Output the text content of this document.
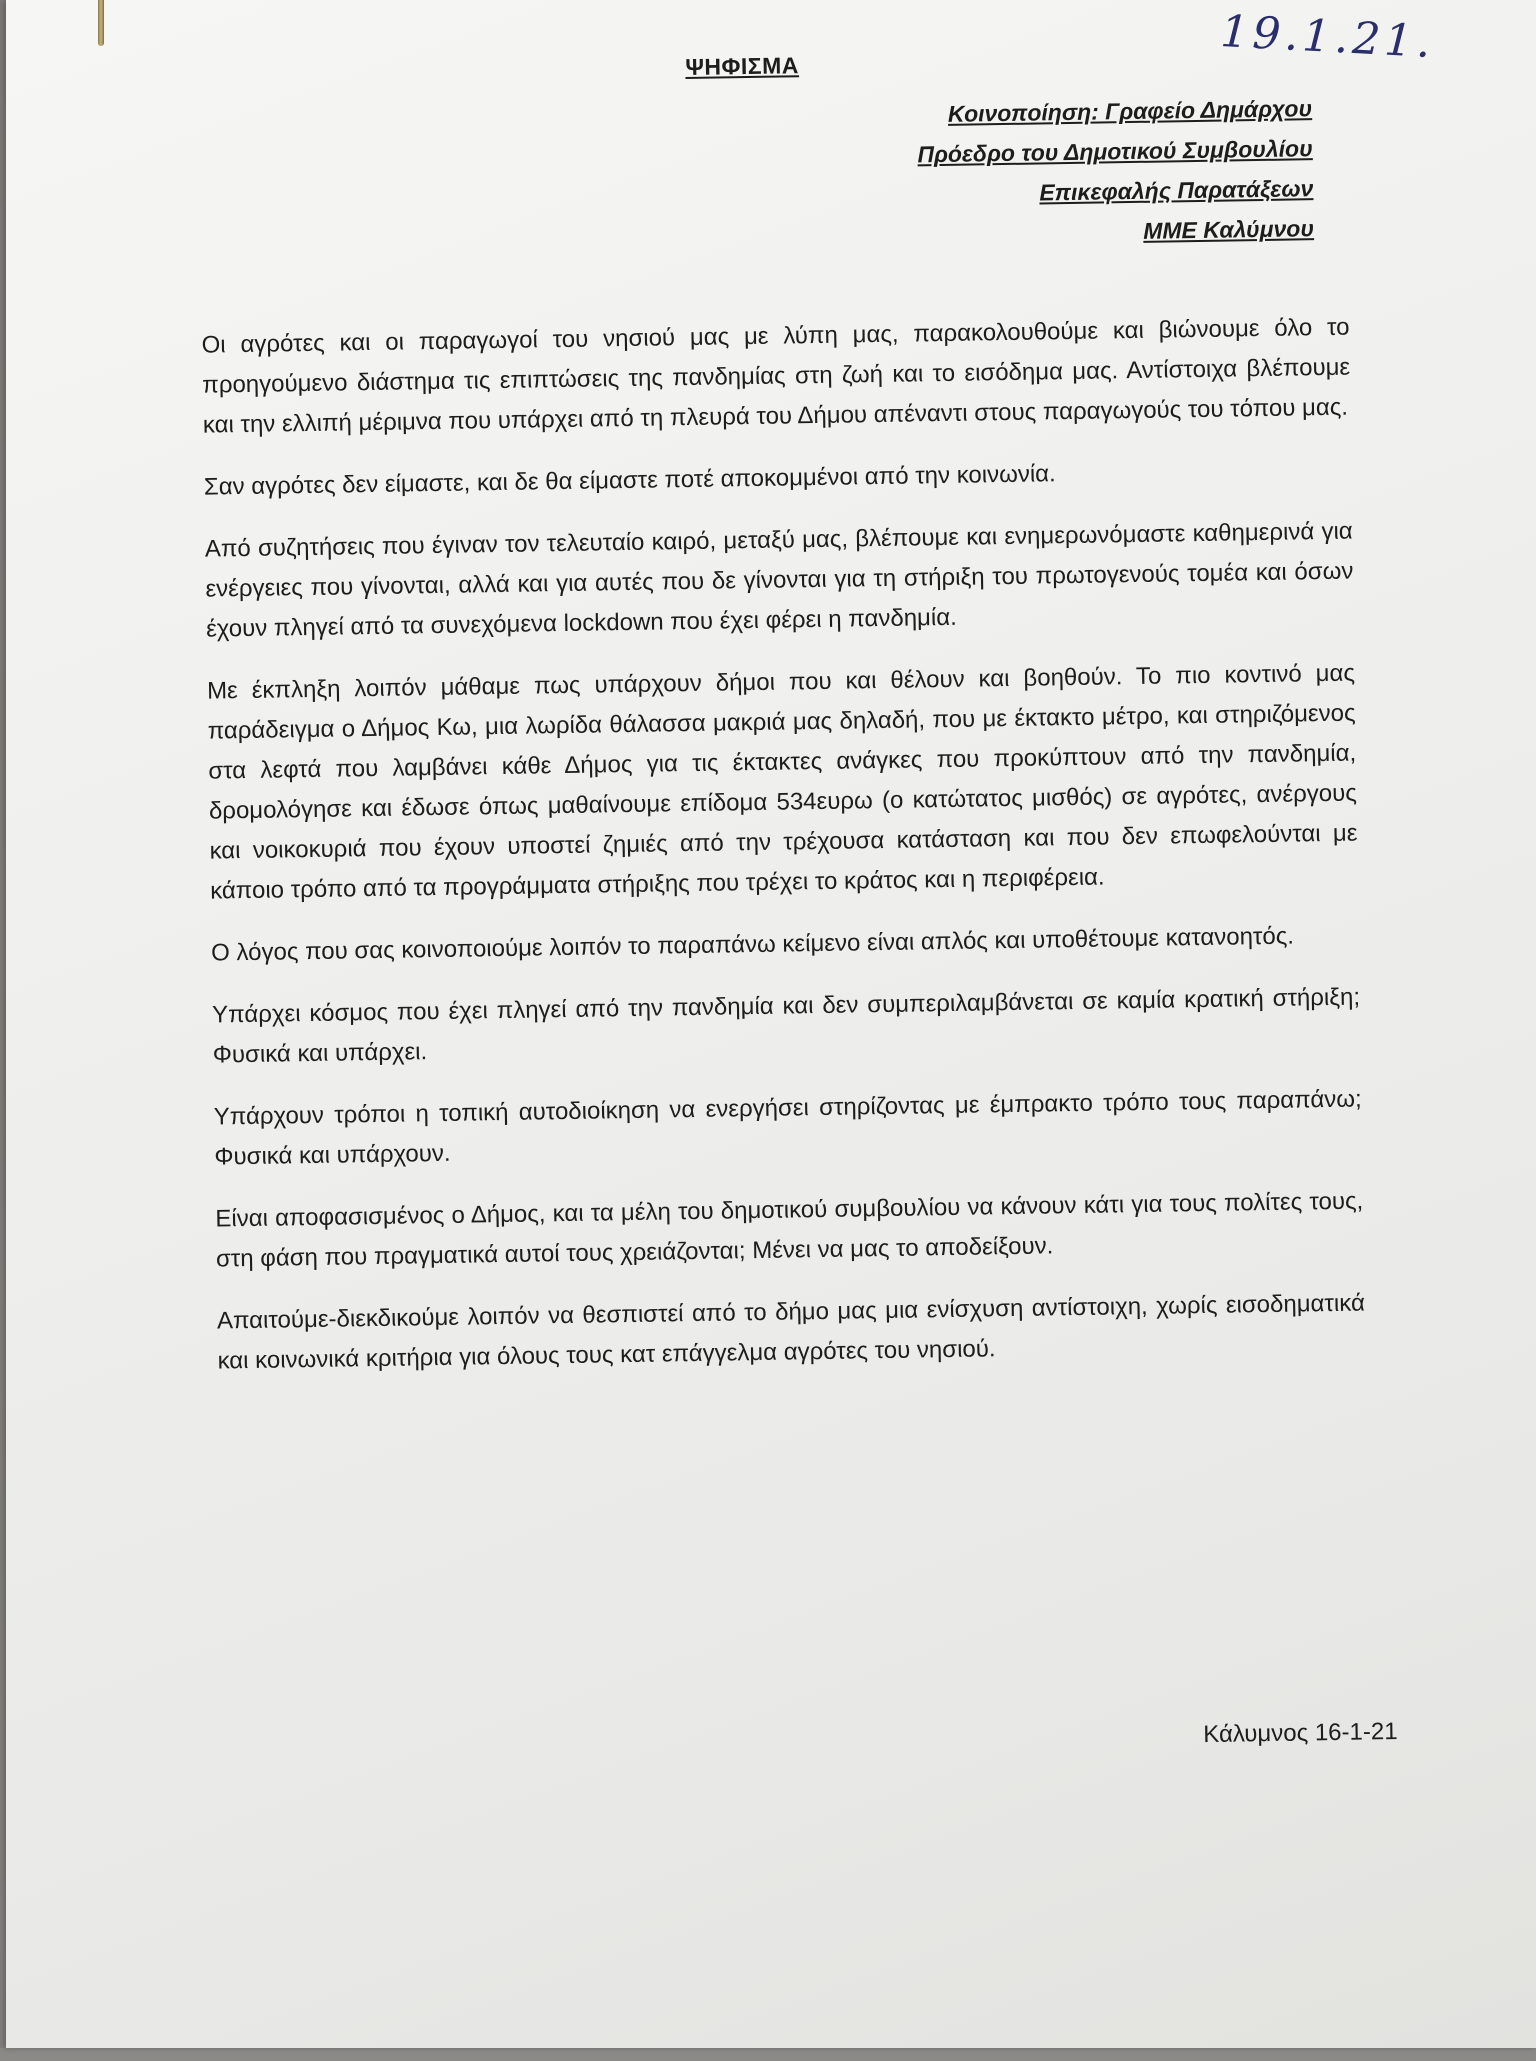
19.1.21.
ΨΗΦΙΣΜΑ
Κοινοποίηση: Γραφείο Δημάρχου
Πρόεδρο του Δημοτικού Συμβουλίου
Επικεφαλής Παρατάξεων
ΜΜΕ Καλύμνου

Οι αγρότες και οι παραγωγοί του νησιού μας με λύπη μας, παρακολουθούμε και βιώνουμε όλο το προηγούμενο διάστημα τις επιπτώσεις της πανδημίας στη ζωή και το εισόδημα μας. Αντίστοιχα βλέπουμε και την ελλιπή μέριμνα που υπάρχει από τη πλευρά του Δήμου απέναντι στους παραγωγούς του τόπου μας.

Σαν αγρότες δεν είμαστε, και δε θα είμαστε ποτέ αποκομμένοι από την κοινωνία.

Από συζητήσεις που έγιναν τον τελευταίο καιρό, μεταξύ μας, βλέπουμε και ενημερωνόμαστε καθημερινά για ενέργειες που γίνονται, αλλά και για αυτές που δε γίνονται για τη στήριξη του πρωτογενούς τομέα και όσων έχουν πληγεί από τα συνεχόμενα lockdown που έχει φέρει η πανδημία.

Με έκπληξη λοιπόν μάθαμε πως υπάρχουν δήμοι που και θέλουν και βοηθούν. Το πιο κοντινό μας παράδειγμα ο Δήμος Κω, μια λωρίδα θάλασσα μακριά μας δηλαδή, που με έκτακτο μέτρο, και στηριζόμενος στα λεφτά που λαμβάνει κάθε Δήμος για τις έκτακτες ανάγκες που προκύπτουν από την πανδημία, δρομολόγησε και έδωσε όπως μαθαίνουμε επίδομα 534ευρω (ο κατώτατος μισθός) σε αγρότες, ανέργους και νοικοκυριά που έχουν υποστεί ζημιές από την τρέχουσα κατάσταση και που δεν επωφελούνται με κάποιο τρόπο από τα προγράμματα στήριξης που τρέχει το κράτος και η περιφέρεια.

Ο λόγος που σας κοινοποιούμε λοιπόν το παραπάνω κείμενο είναι απλός και υποθέτουμε κατανοητός.

Υπάρχει κόσμος που έχει πληγεί από την πανδημία και δεν συμπεριλαμβάνεται σε καμία κρατική στήριξη; Φυσικά και υπάρχει.

Υπάρχουν τρόποι η τοπική αυτοδιοίκηση να ενεργήσει στηρίζοντας με έμπρακτο τρόπο τους παραπάνω; Φυσικά και υπάρχουν.

Είναι αποφασισμένος ο Δήμος, και τα μέλη του δημοτικού συμβουλίου να κάνουν κάτι για τους πολίτες τους, στη φάση που πραγματικά αυτοί τους χρειάζονται; Μένει να μας το αποδείξουν.

Απαιτούμε-διεκδικούμε λοιπόν να θεσπιστεί από το δήμο μας μια ενίσχυση αντίστοιχη, χωρίς εισοδηματικά και κοινωνικά κριτήρια για όλους τους κατ επάγγελμα αγρότες του νησιού.

Κάλυμνος 16-1-21
